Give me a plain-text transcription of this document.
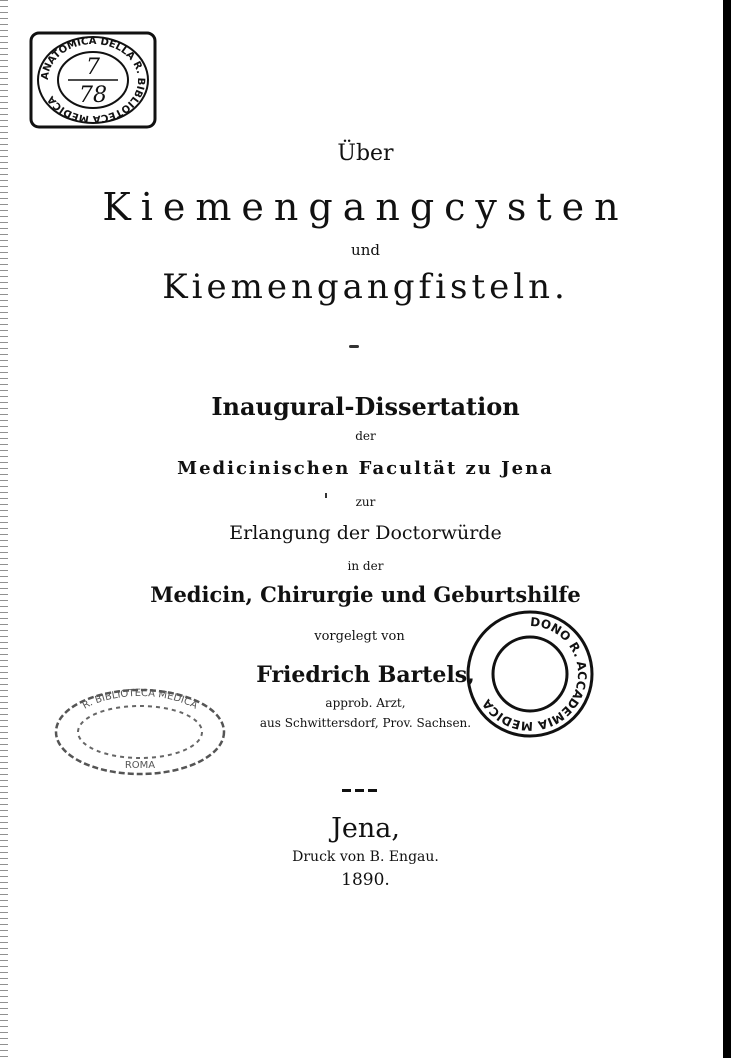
ANATOMICA DELLA R. BIBLIOTECA MEDICA
7
78
Über
Kiemengangcysten
und
Kiemengangfisteln.
Inaugural-Dissertation
der
Medicinischen Facultät zu Jena
zur
Erlangung der Doctorwürde
in der
Medicin, Chirurgie und Geburtshilfe
vorgelegt von
Friedrich Bartels,
approb. Arzt,
aus Schwittersdorf, Prov. Sachsen.
DONO R. ACCADEMIA MEDICA
R. BIBLIOTECA MEDICA
ROMA
Jena,
Druck von B. Engau.
1890.
